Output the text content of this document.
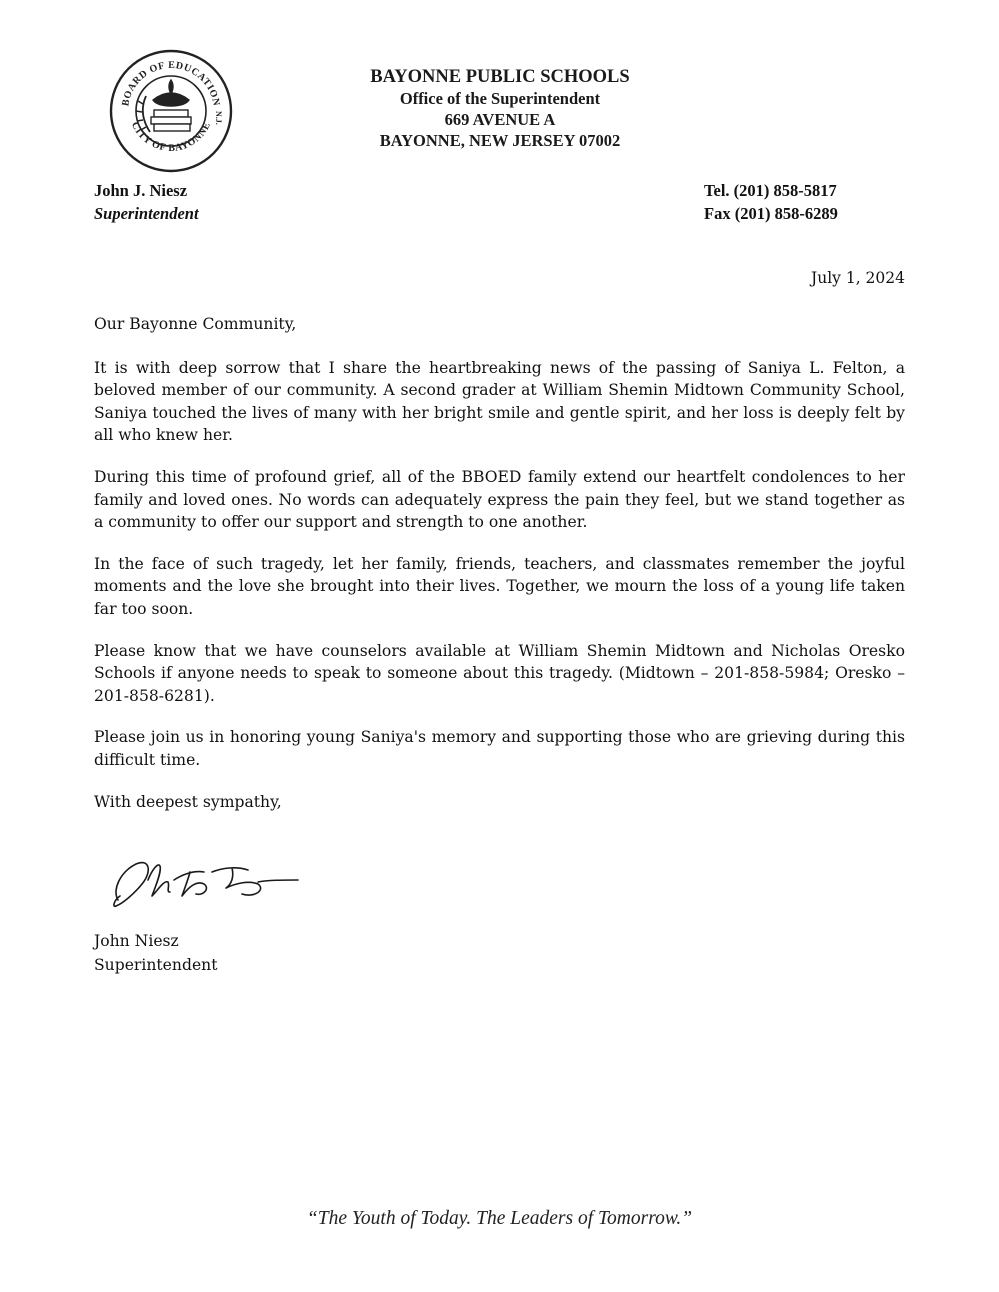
BOARD OF EDUCATION
CITY OF BAYONNE
N.J.
BAYONNE PUBLIC SCHOOLS
Office of the Superintendent
669 AVENUE A
BAYONNE, NEW JERSEY 07002
John J. Niesz
Superintendent
Tel. (201) 858-5817
Fax (201) 858-6289
July 1, 2024

Our Bayonne Community,

It is with deep sorrow that I share the heartbreaking news of the passing of Saniya L. Felton, a beloved member of our community. A second grader at William Shemin Midtown Community School, Saniya touched the lives of many with her bright smile and gentle spirit, and her loss is deeply felt by all who knew her.

During this time of profound grief, all of the BBOED family extend our heartfelt condolences to her family and loved ones. No words can adequately express the pain they feel, but we stand together as a community to offer our support and strength to one another.

In the face of such tragedy, let her family, friends, teachers, and classmates remember the joyful moments and the love she brought into their lives. Together, we mourn the loss of a young life taken far too soon.

Please know that we have counselors available at William Shemin Midtown and Nicholas Oresko Schools if anyone needs to speak to someone about this tragedy. (Midtown – 201-858-5984; Oresko – 201-858-6281).

Please join us in honoring young Saniya's memory and supporting those who are grieving during this difficult time.

With deepest sympathy,

John Niesz
Superintendent
“The Youth of Today. The Leaders of Tomorrow.”
